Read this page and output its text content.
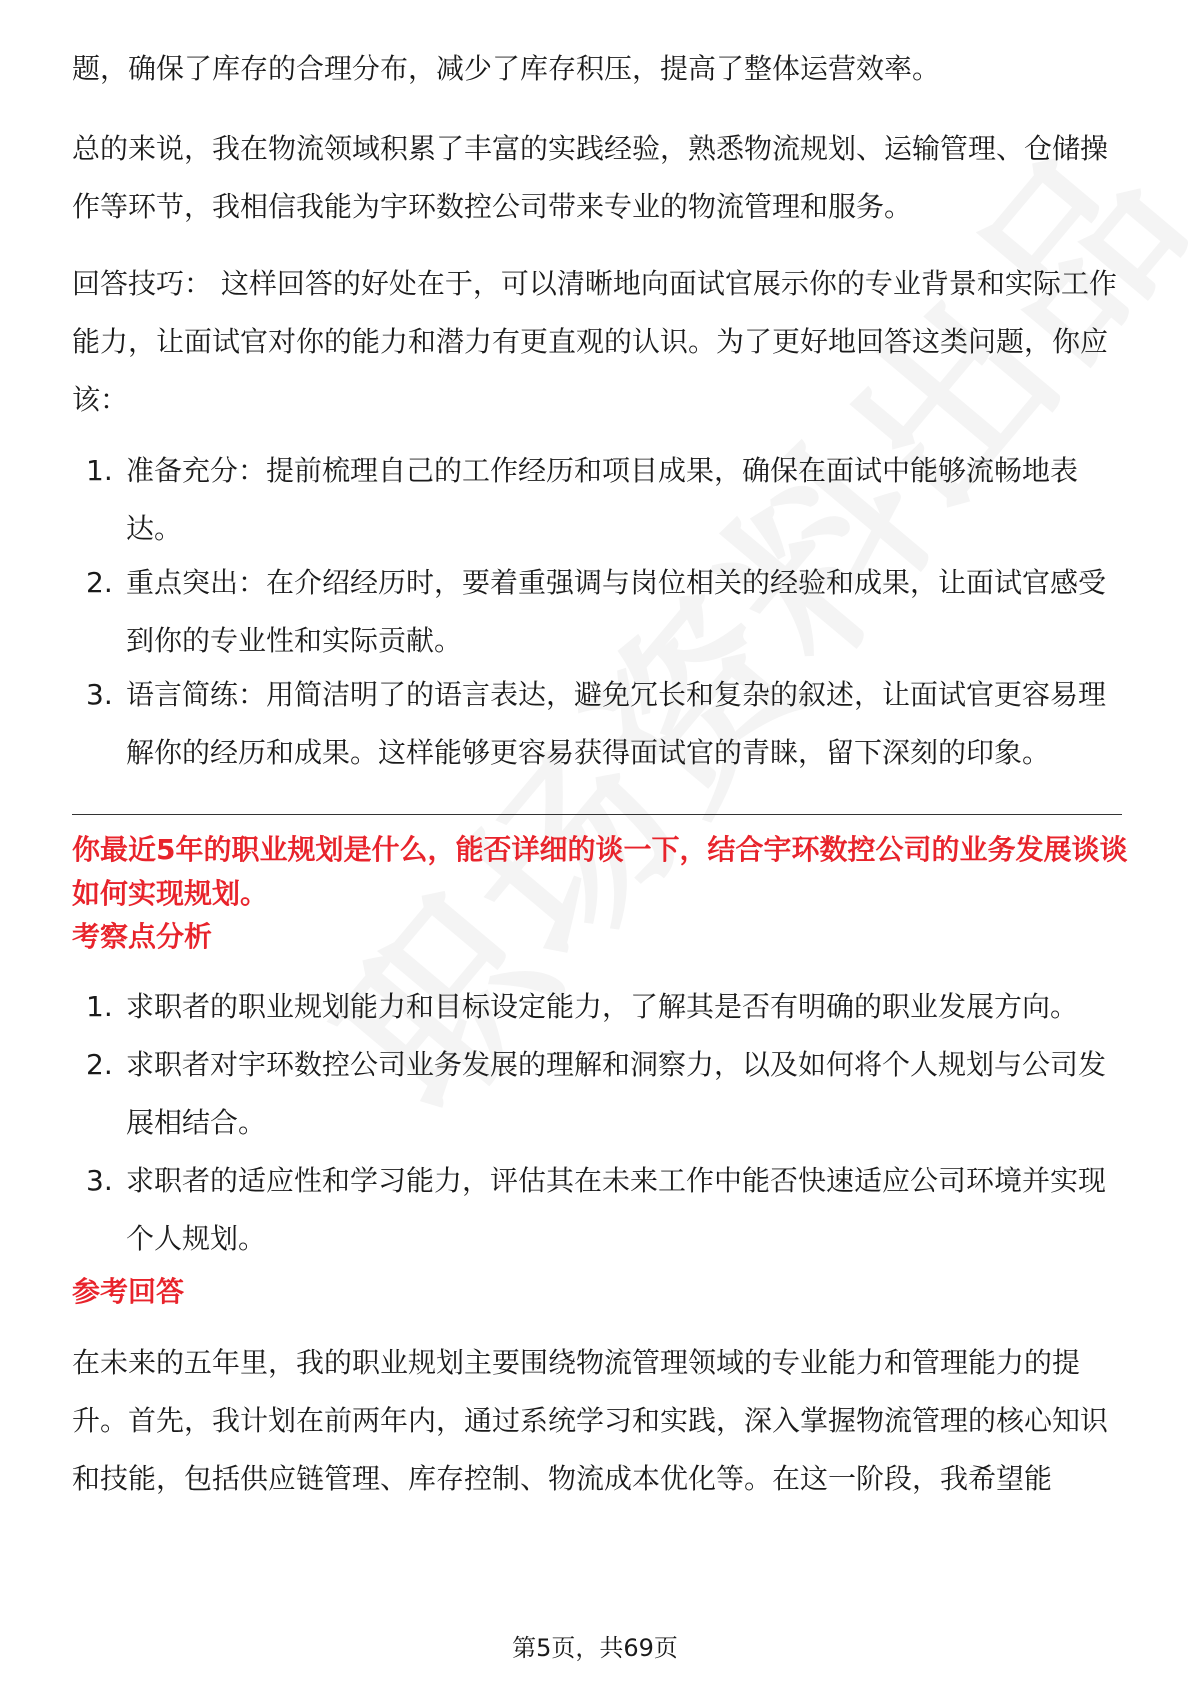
题，确保了库存的合理分布，减少了库存积压，提高了整体运营效率。

总的来说，我在物流领域积累了丰富的实践经验，熟悉物流规划、运输管理、仓储操作等环节，我相信我能为宇环数控公司带来专业的物流管理和服务。

回答技巧： 这样回答的好处在于，可以清晰地向面试官展示你的专业背景和实际工作能力，让面试官对你的能力和潜力有更直观的认识。为了更好地回答这类问题，你应该：

1. 准备充分：提前梳理自己的工作经历和项目成果，确保在面试中能够流畅地表达。
2. 重点突出：在介绍经历时，要着重强调与岗位相关的经验和成果，让面试官感受到你的专业性和实际贡献。
3. 语言简练：用简洁明了的语言表达，避免冗长和复杂的叙述，让面试官更容易理解你的经历和成果。这样能够更容易获得面试官的青睐，留下深刻的印象。

你最近5年的职业规划是什么，能否详细的谈一下，结合宇环数控公司的业务发展谈谈如何实现规划。

考察点分析
1. 求职者的职业规划能力和目标设定能力，了解其是否有明确的职业发展方向。
2. 求职者对宇环数控公司业务发展的理解和洞察力，以及如何将个人规划与公司发展相结合。
3. 求职者的适应性和学习能力，评估其在未来工作中能否快速适应公司环境并实现个人规划。
参考回答

在未来的五年里，我的职业规划主要围绕物流管理领域的专业能力和管理能力的提升。首先，我计划在前两年内，通过系统学习和实践，深入掌握物流管理的核心知识和技能，包括供应链管理、库存控制、物流成本优化等。在这一阶段，我希望能

第5页，共69页
